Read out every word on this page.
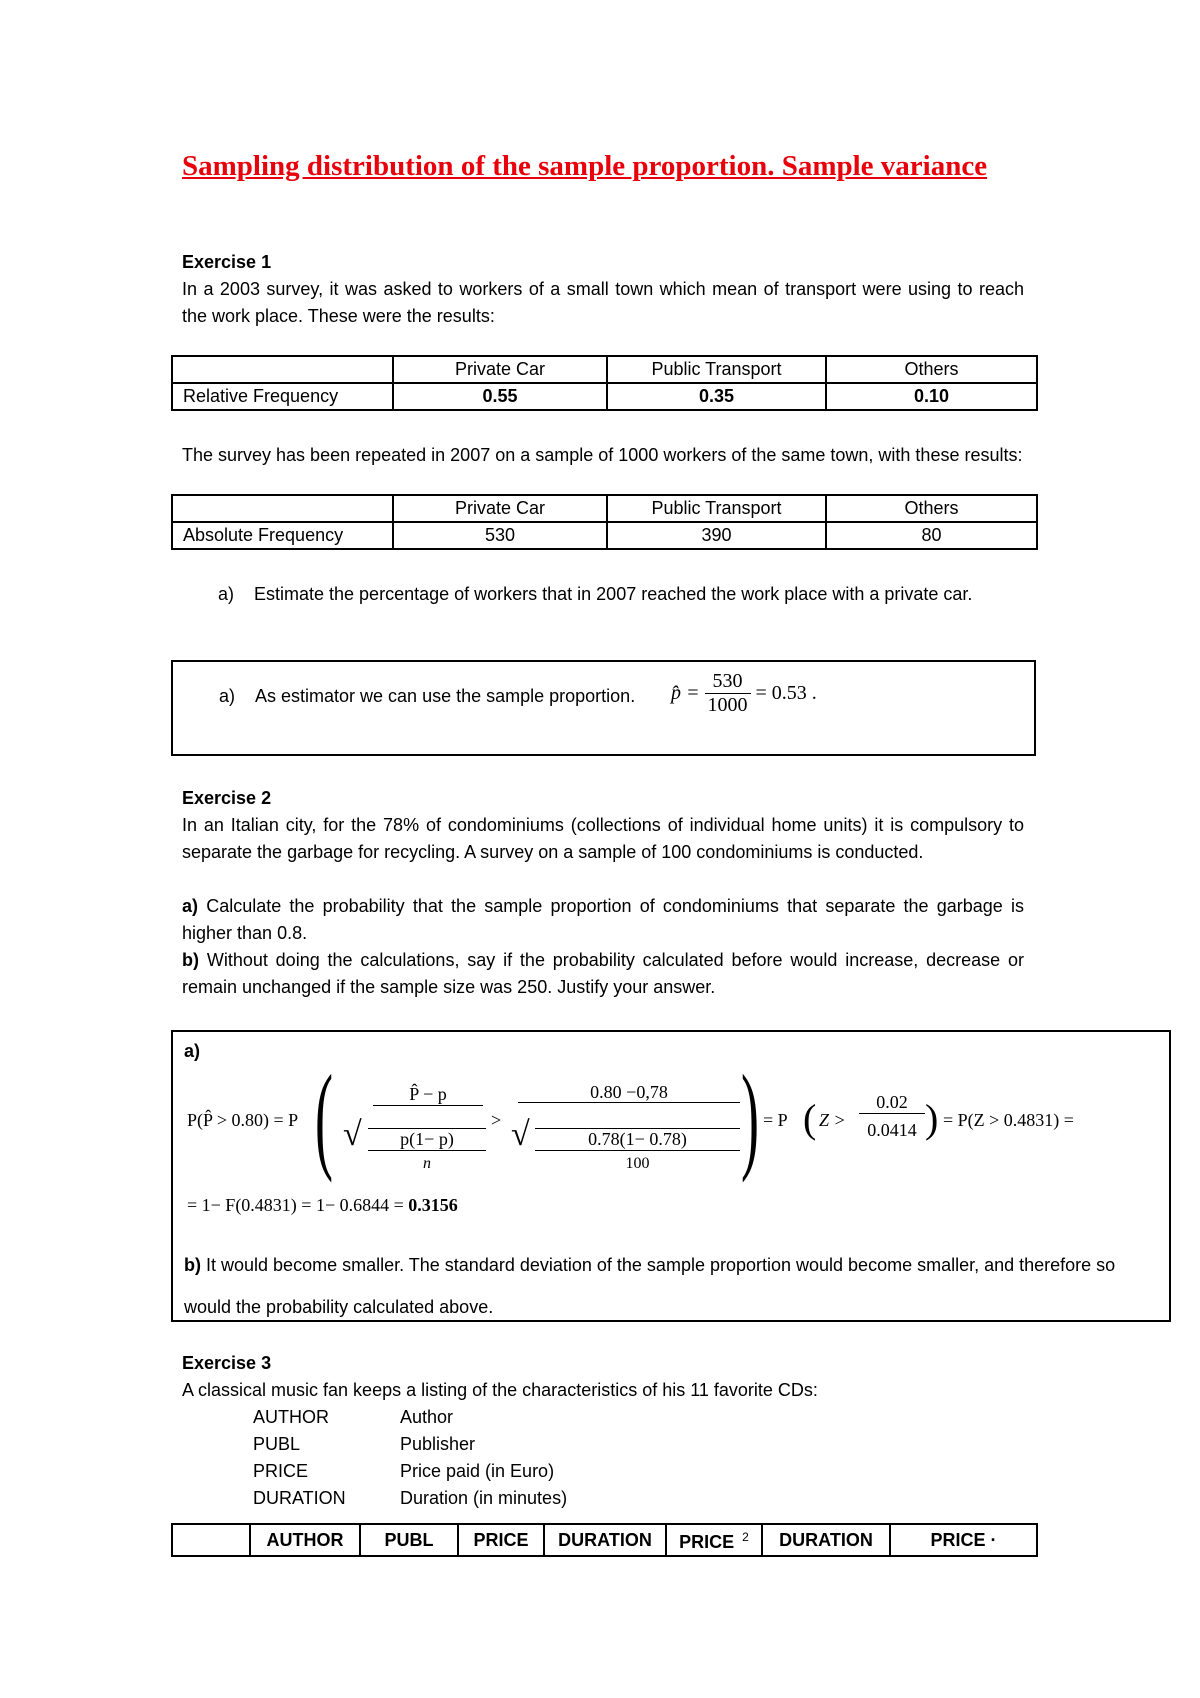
Sampling distribution of the sample proportion. Sample variance
Exercise 1
In a 2003 survey, it was asked to workers of a small town which mean of transport were using to reach the work place. These were the results:
	Private Car	Public Transport	Others
Relative Frequency	0.55	0.35	0.10
The survey has been repeated in 2007 on a sample of 1000 workers of the same town, with these results:
	Private Car	Public Transport	Others
Absolute Frequency	530	390	80
a) Estimate the percentage of workers that in 2007 reached the work place with a private car.
a) As estimator we can use the sample proportion. p̂ = $\frac{530}{1000} = 0.53$ .
Exercise 2
In an Italian city, for the 78% of condominiums (collections of individual home units) it is compulsory to separate the garbage for recycling. A survey on a sample of 100 condominiums is conducted.
a) Calculate the probability that the sample proportion of condominiums that separate the garbage is higher than 0.8.
b) Without doing the calculations, say if the probability calculated before would increase, decrease or remain unchanged if the sample size was 250. Justify your answer.
a)
P(P̂ > 0.80) = P (	P̂ − p
√	p(1− p)
n
>
0.80 −0,78
√	0.78(1− 0.78)
100 ) = P ( Z >
0.02
0.0414 ) = P(Z > 0.4831) =
= 1− F(0.4831) = 1− 0.6844 = 0.3156
b) It would become smaller. The standard deviation of the sample proportion would become smaller, and therefore so would the probability calculated above.
Exercise 3
A classical music fan keeps a listing of the characteristics of his 11 favorite CDs:
AUTHOR	Author
PUBL	Publisher
PRICE	Price paid (in Euro)
DURATION	Duration (in minutes)
	AUTHOR	PUBL	PRICE	DURATION	PRICE $^2$	DURATION	PRICE ·
